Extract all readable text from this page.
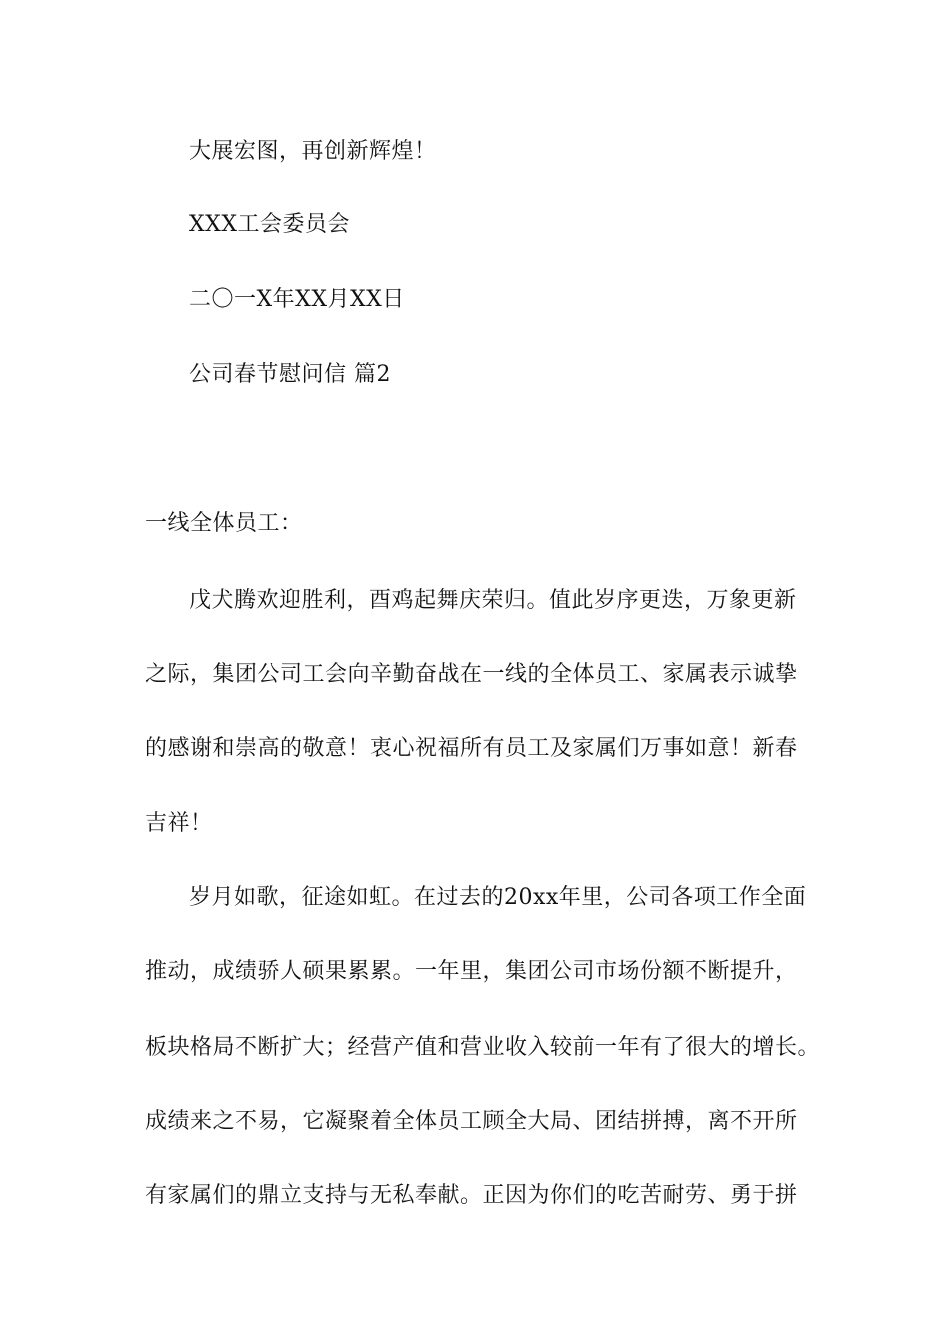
大展宏图，再创新辉煌！
XXX工会委员会
二〇一X年XX月XX日
公司春节慰问信 篇2
一线全体员工：
戊犬腾欢迎胜利，酉鸡起舞庆荣归。值此岁序更迭，万象更新
之际，集团公司工会向辛勤奋战在一线的全体员工、家属表示诚挚
的感谢和崇高的敬意！衷心祝福所有员工及家属们万事如意！新春
吉祥！
岁月如歌，征途如虹。在过去的20xx年里，公司各项工作全面
推动，成绩骄人硕果累累。一年里，集团公司市场份额不断提升，
板块格局不断扩大；经营产值和营业收入较前一年有了很大的增长。
成绩来之不易，它凝聚着全体员工顾全大局、团结拼搏，离不开所
有家属们的鼎立支持与无私奉献。正因为你们的吃苦耐劳、勇于拼
